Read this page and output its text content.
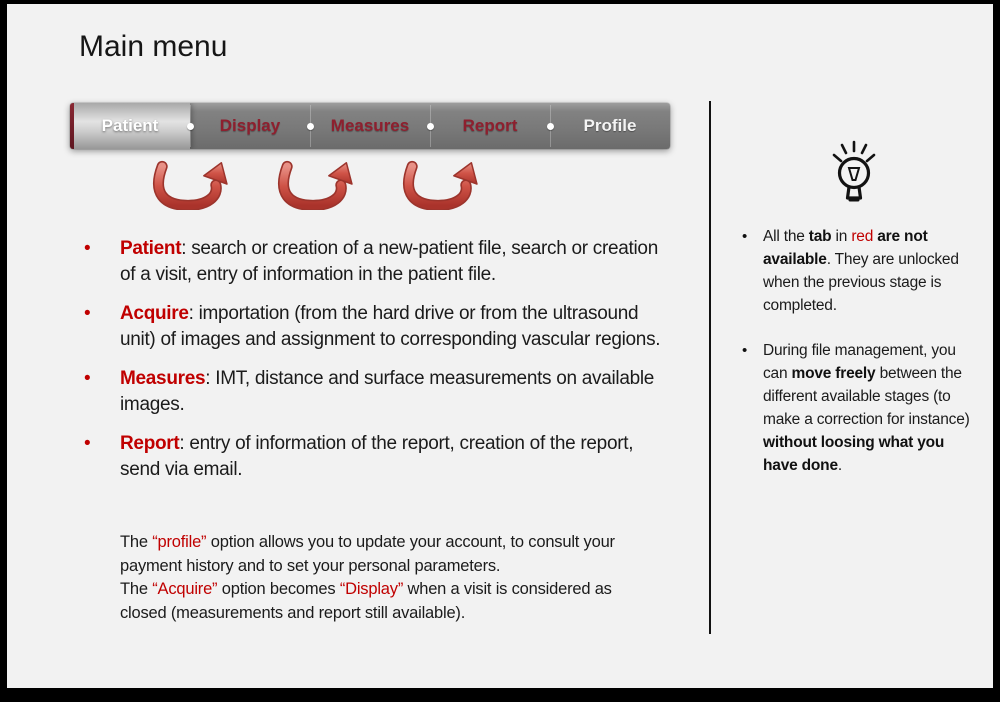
Main menu
Patient	Display	Measures	Report	Profile
• Patient: search or creation of a new-patient file, search or creation of a visit, entry of information in the patient file.
• Acquire: importation (from the hard drive or from the ultrasound unit) of images and assignment to corresponding vascular regions.
• Measures: IMT, distance and surface measurements on available images.
• Report: entry of information of the report, creation of the report, send via email.

The “profile” option allows you to update your account, to consult your payment history and to set your personal parameters.

The “Acquire” option becomes “Display” when a visit is considered as closed (measurements and report still available).

• All the tab in red are not available. They are unlocked when the previous stage is completed.
• During file management, you can move freely between the different available stages (to make a correction for instance) without loosing what you have done.
